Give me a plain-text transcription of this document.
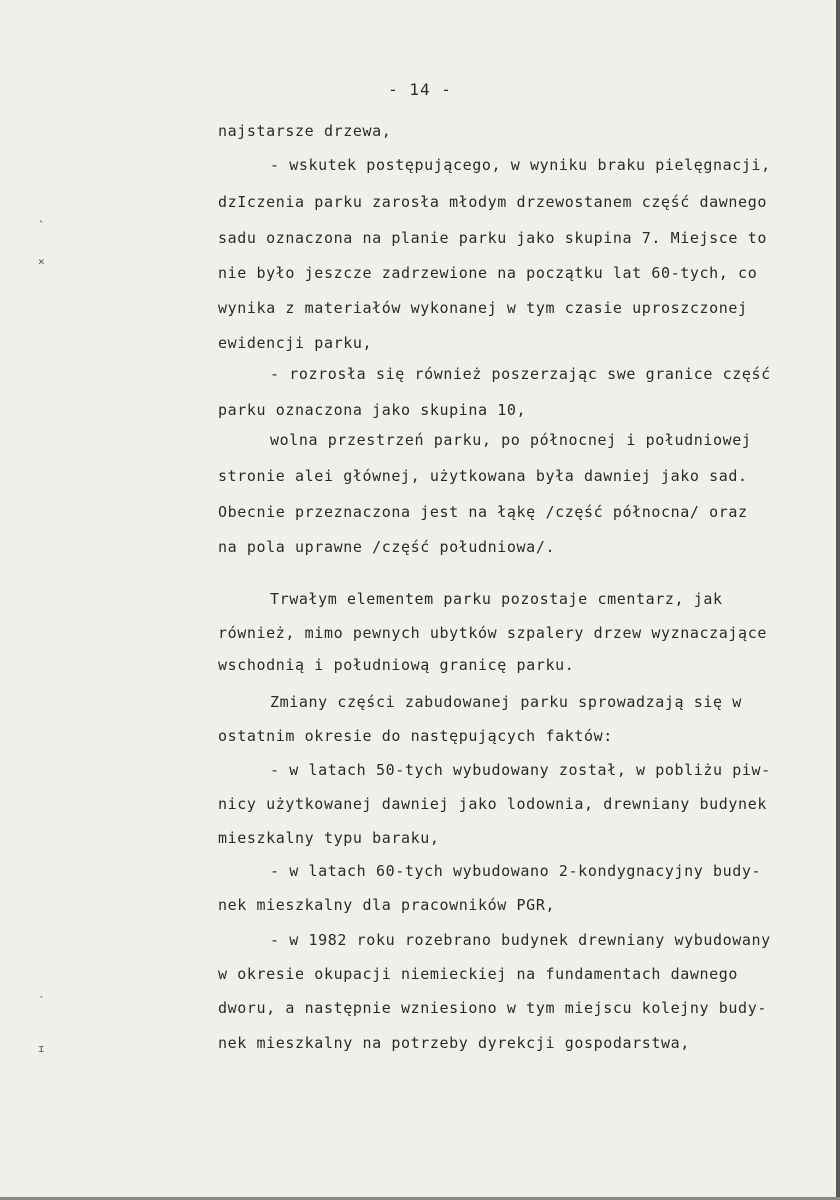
- 14 -
˻
×
ˎ
ɪ
najstarsze drzewa,
- wskutek postępującego, w wyniku braku pielęgnacji,
dzIczenia parku zarosła młodym drzewostanem część dawnego
sadu oznaczona na planie parku jako skupina 7. Miejsce to
nie było jeszcze zadrzewione na początku lat 60-tych, co
wynika z materiałów wykonanej w tym czasie uproszczonej
ewidencji parku,
- rozrosła się również poszerzając swe granice część
parku oznaczona jako skupina 10,
wolna przestrzeń parku, po północnej i południowej
stronie alei głównej, użytkowana była dawniej jako sad.
Obecnie przeznaczona jest na łąkę /część północna/ oraz
na pola uprawne /część południowa/.
Trwałym elementem parku pozostaje cmentarz, jak
również, mimo pewnych ubytków szpalery drzew wyznaczające
wschodnią i południową granicę parku.
Zmiany części zabudowanej parku sprowadzają się w
ostatnim okresie do następujących faktów:
- w latach 50-tych wybudowany został, w pobliżu piw-
nicy użytkowanej dawniej jako lodownia, drewniany budynek
mieszkalny typu baraku,
- w latach 60-tych wybudowano 2-kondygnacyjny budy-
nek mieszkalny dla pracowników PGR,
- w 1982 roku rozebrano budynek drewniany wybudowany
w okresie okupacji niemieckiej na fundamentach dawnego
dworu, a następnie wzniesiono w tym miejscu kolejny budy-
nek mieszkalny na potrzeby dyrekcji gospodarstwa,
